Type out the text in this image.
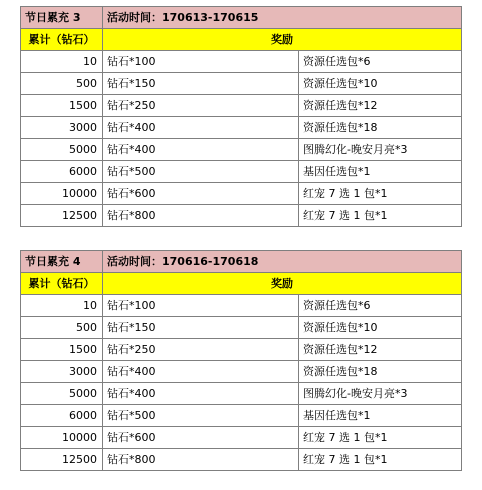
节日累充 3	活动时间：170613-170615	
累计（钻石）	奖励	
10	钻石*100	资源任选包*6
500	钻石*150	资源任选包*10
1500	钻石*250	资源任选包*12
3000	钻石*400	资源任选包*18
5000	钻石*400	图腾幻化-晚安月亮*3
6000	钻石*500	基因任选包*1
10000	钻石*600	红宠 7 选 1 包*1
12500	钻石*800	红宠 7 选 1 包*1
节日累充 4	活动时间：170616-170618	
累计（钻石）	奖励	
10	钻石*100	资源任选包*6
500	钻石*150	资源任选包*10
1500	钻石*250	资源任选包*12
3000	钻石*400	资源任选包*18
5000	钻石*400	图腾幻化-晚安月亮*3
6000	钻石*500	基因任选包*1
10000	钻石*600	红宠 7 选 1 包*1
12500	钻石*800	红宠 7 选 1 包*1
